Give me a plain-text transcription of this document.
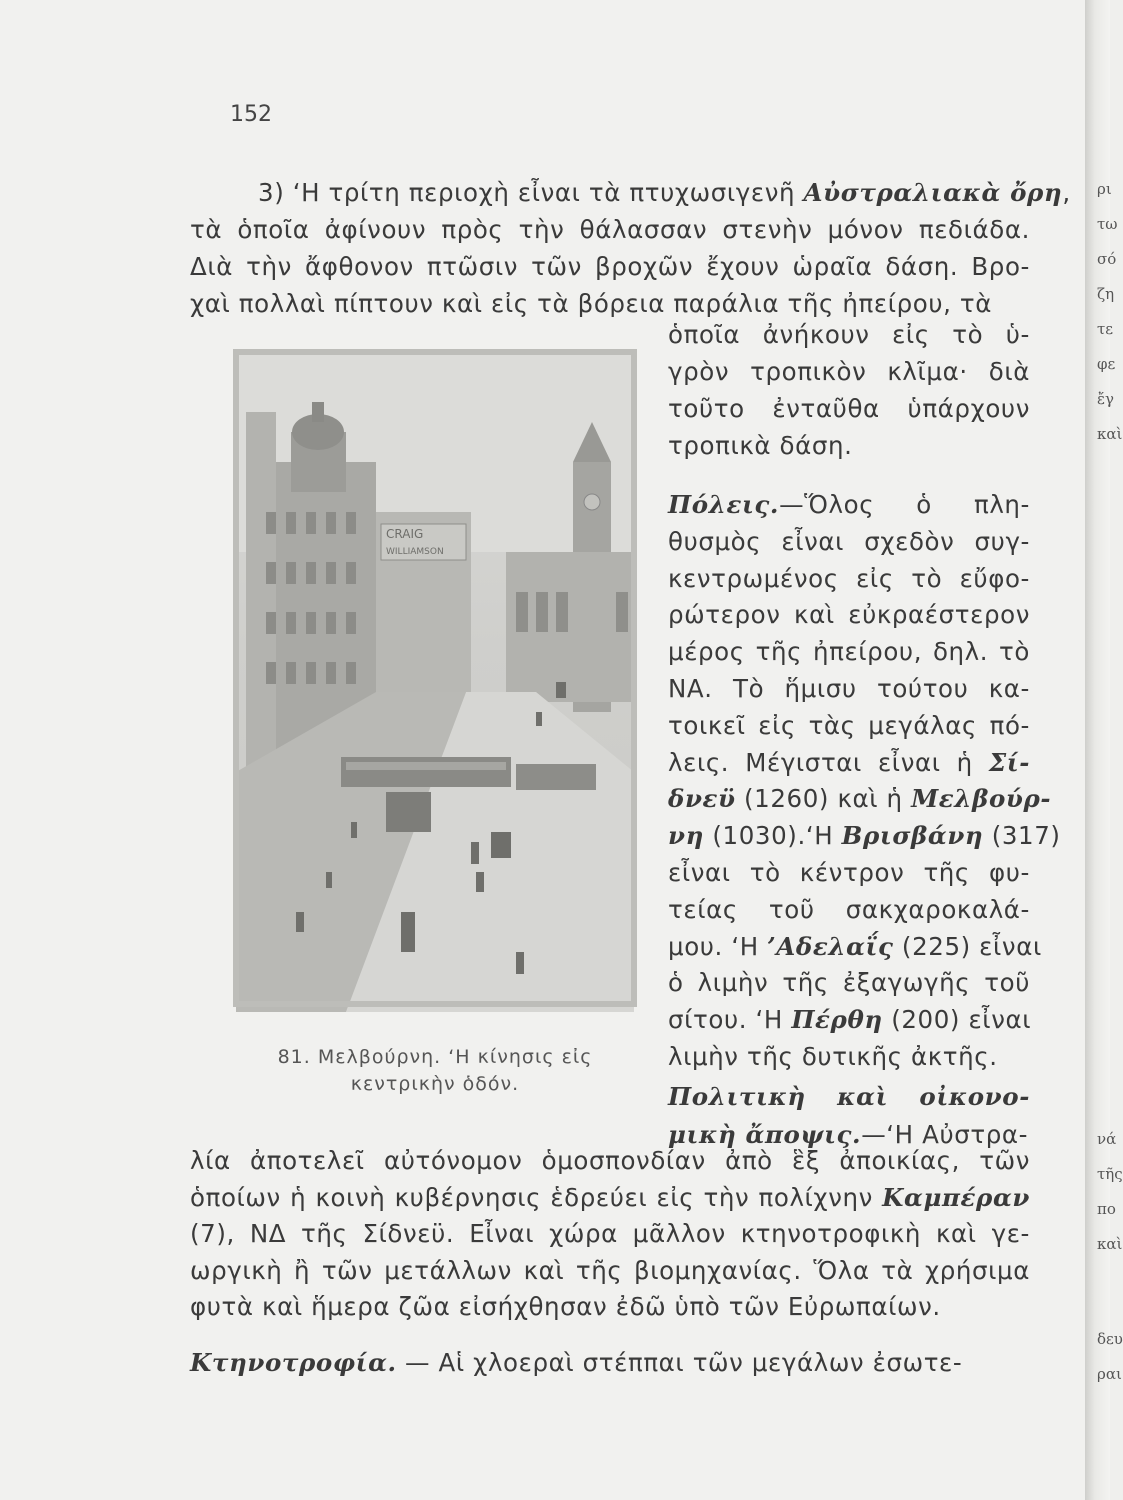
152
3) ‘Η τρίτη περιοχὴ εἶναι τὰ πτυχωσιγενῆ Αὐστραλιακὰ ὄρη,
τὰ ὁποῖα ἀφίνουν πρὸς τὴν θάλασσαν στενὴν μόνον πεδιάδα.
Διὰ τὴν ἄφθονον πτῶσιν τῶν βροχῶν ἔχουν ὡραῖα δάση. Βρο-
χαὶ πολλαὶ πίπτουν καὶ εἰς τὰ βόρεια παράλια τῆς ἠπείρου, τὰ
ὁποῖα ἀνήκουν εἰς τὸ ὑ-
γρὸν τροπικὸν κλῖμα· διὰ
τοῦτο ἐνταῦθα ὑπάρχουν
τροπικὰ δάση.
Πόλεις.—Ὅλος ὁ πλη-
θυσμὸς εἶναι σχεδὸν συγ-
κεντρωμένος εἰς τὸ εὔφο-
ρώτερον καὶ εὐκραέστερον
μέρος τῆς ἠπείρου, δηλ. τὸ
ΝΑ. Τὸ ἥμισυ τούτου κα-
τοικεῖ εἰς τὰς μεγάλας πό-
λεις. Μέγισται εἶναι ἡ Σί-
δνεϋ (1260) καὶ ἡ Μελβούρ-
νη (1030).‘Η Βρισβάνη (317)
εἶναι τὸ κέντρον τῆς φυ-
τείας τοῦ σακχαροκαλά-
μου. ‘Η ’Αδελαΐς (225) εἶναι
ὁ λιμὴν τῆς ἐξαγωγῆς τοῦ
σίτου. ‘Η Πέρθη (200) εἶναι
λιμὴν τῆς δυτικῆς ἀκτῆς.
Πολιτικὴ καὶ οἰκονο-
μικὴ ἄποψις.—‘Η Αὐστρα-
λία ἀποτελεῖ αὐτόνομον ὁμοσπονδίαν ἀπὸ ἓξ ἀποικίας, τῶν
ὁποίων ἡ κοινὴ κυβέρνησις ἑδρεύει εἰς τὴν πολίχνην Καμπέραν
(7), ΝΔ τῆς Σίδνεϋ. Εἶναι χώρα μᾶλλον κτηνοτροφικὴ καὶ γε-
ωργικὴ ἢ τῶν μετάλλων καὶ τῆς βιομηχανίας. Ὅλα τὰ χρήσιμα
φυτὰ καὶ ἥμερα ζῶα εἰσήχθησαν ἐδῶ ὑπὸ τῶν Εὐρωπαίων.
Κτηνοτροφία. — Αἱ χλοεραὶ στέππαι τῶν μεγάλων ἐσωτε-
CRAIG
WILLIAMSON
81. Μελβούρνη. ‘Η κίνησις εἰς
κεντρικὴν ὁδόν.
ρι
τω
σό
ζη
τε
φε
ἔγ
καὶ
νά
τῆς
πο
καὶ
δευ
ραι
